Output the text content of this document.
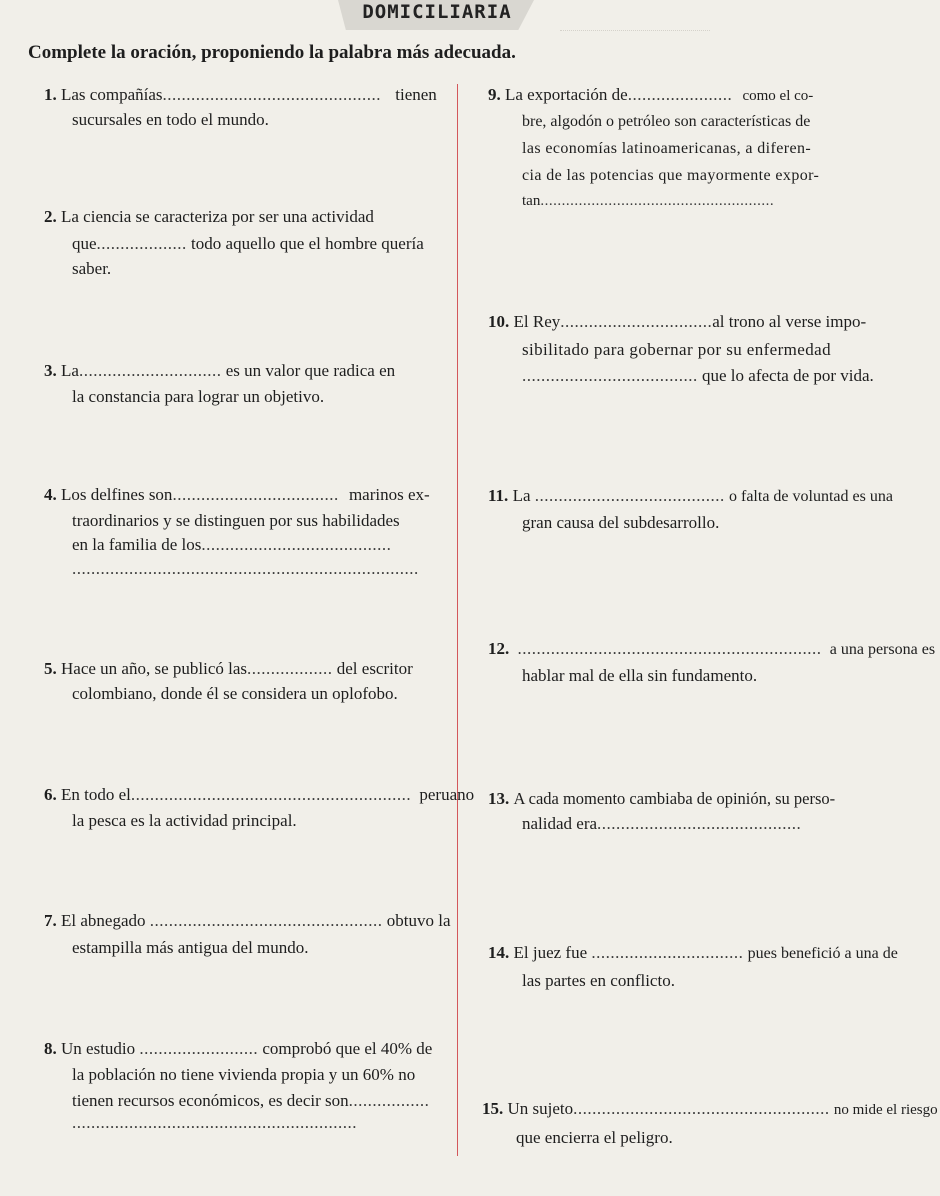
DOMICILIARIA
Complete la oración, proponiendo la palabra más adecuada.
1. Las compañías.............................................. tienen
sucursales en todo el mundo.
2. La ciencia se caracteriza por ser una actividad
que................... todo aquello que el hombre quería
saber.
3. La.............................. es un valor que radica en
la constancia para lograr un objetivo.
4. Los delfines son................................... marinos ex-
traordinarios y se distinguen por sus habilidades
en la familia de los........................................
.........................................................................
5. Hace un año, se publicó las.................. del escritor
colombiano, donde él se considera un oplofobo.
6. En todo el........................................................... peruano
la pesca es la actividad principal.
7. El abnegado ................................................. obtuvo la
estampilla más antigua del mundo.
8. Un estudio ......................... comprobó que el 40% de
la población no tiene vivienda propia y un 60% no
tienen recursos económicos, es decir son.................
............................................................
9. La exportación de...................... como el co-
bre, algodón o petróleo son características de
las economías latinoamericanas, a diferen-
cia de las potencias que mayormente expor-
tan.......................................................
10. El Rey................................al trono al verse impo-
sibilitado para gobernar por su enfermedad
..................................... que lo afecta de por vida.
11. La ........................................ o falta de voluntad es una
gran causa del subdesarrollo.
12. ................................................................ a una persona es
hablar mal de ella sin fundamento.
13. A cada momento cambiaba de opinión, su perso-
nalidad era...........................................
14. El juez fue ................................ pues benefició a una de
las partes en conflicto.
15. Un sujeto...................................................... no mide el riesgo
que encierra el peligro.
